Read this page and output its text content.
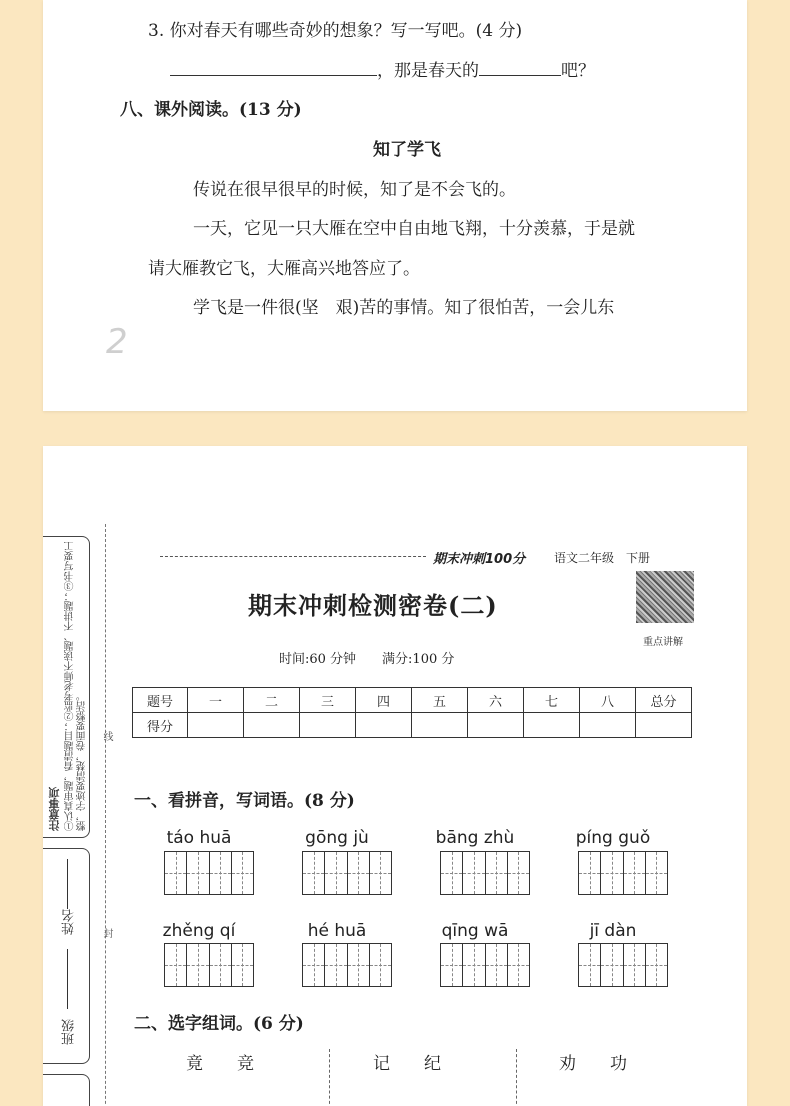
3. 你对春天有哪些奇妙的想象？写一写吧。(4 分)
，那是春天的	吧？
八、课外阅读。(13 分)
知了学飞
传说在很早很早的时候，知了是不会飞的。
一天，它见一只大雁在空中自由地飞翔，十分羡慕，于是就
请大雁教它飞，大雁高兴地答应了。
学飞是一件很(坚　艰)苦的事情。知了很怕苦，一会儿东
2
注意事项 ①认真审题，看清题目；②监考老师不读题、不讲题；③书写要工整，字迹要清楚，卷面要整洁。
姓名
班级
线
封
期末冲刺100分 语文二年级　下册
期末冲刺检测密卷(二)
重点讲解
时间:60 分钟　　满分:100 分
题号	一	二	三	四	五	六	七	八	总分
得分									
一、看拼音，写词语。(8 分)
táo huā	gōng jù	bāng zhù	píng guǒ
zhěng qí	hé huā	qīng wā	jī dàn
二、选字组词。(6 分)
竟　　竞	记　　纪	劝　　功
